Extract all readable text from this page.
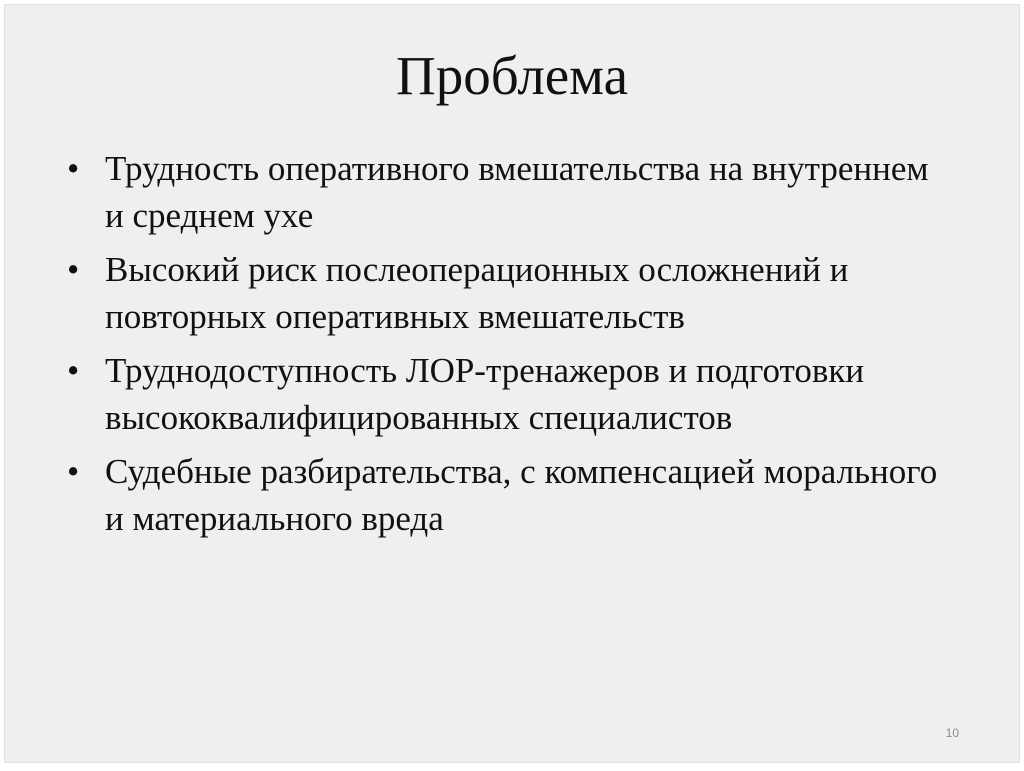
Проблема
• Трудность оперативного вмешательства на внутреннем и среднем ухе
• Высокий риск послеоперационных осложнений и повторных оперативных вмешательств
• Труднодоступность ЛОР-тренажеров и подготовки высококвалифицированных специалистов
• Судебные разбирательства, с компенсацией морального и материального вреда
10
